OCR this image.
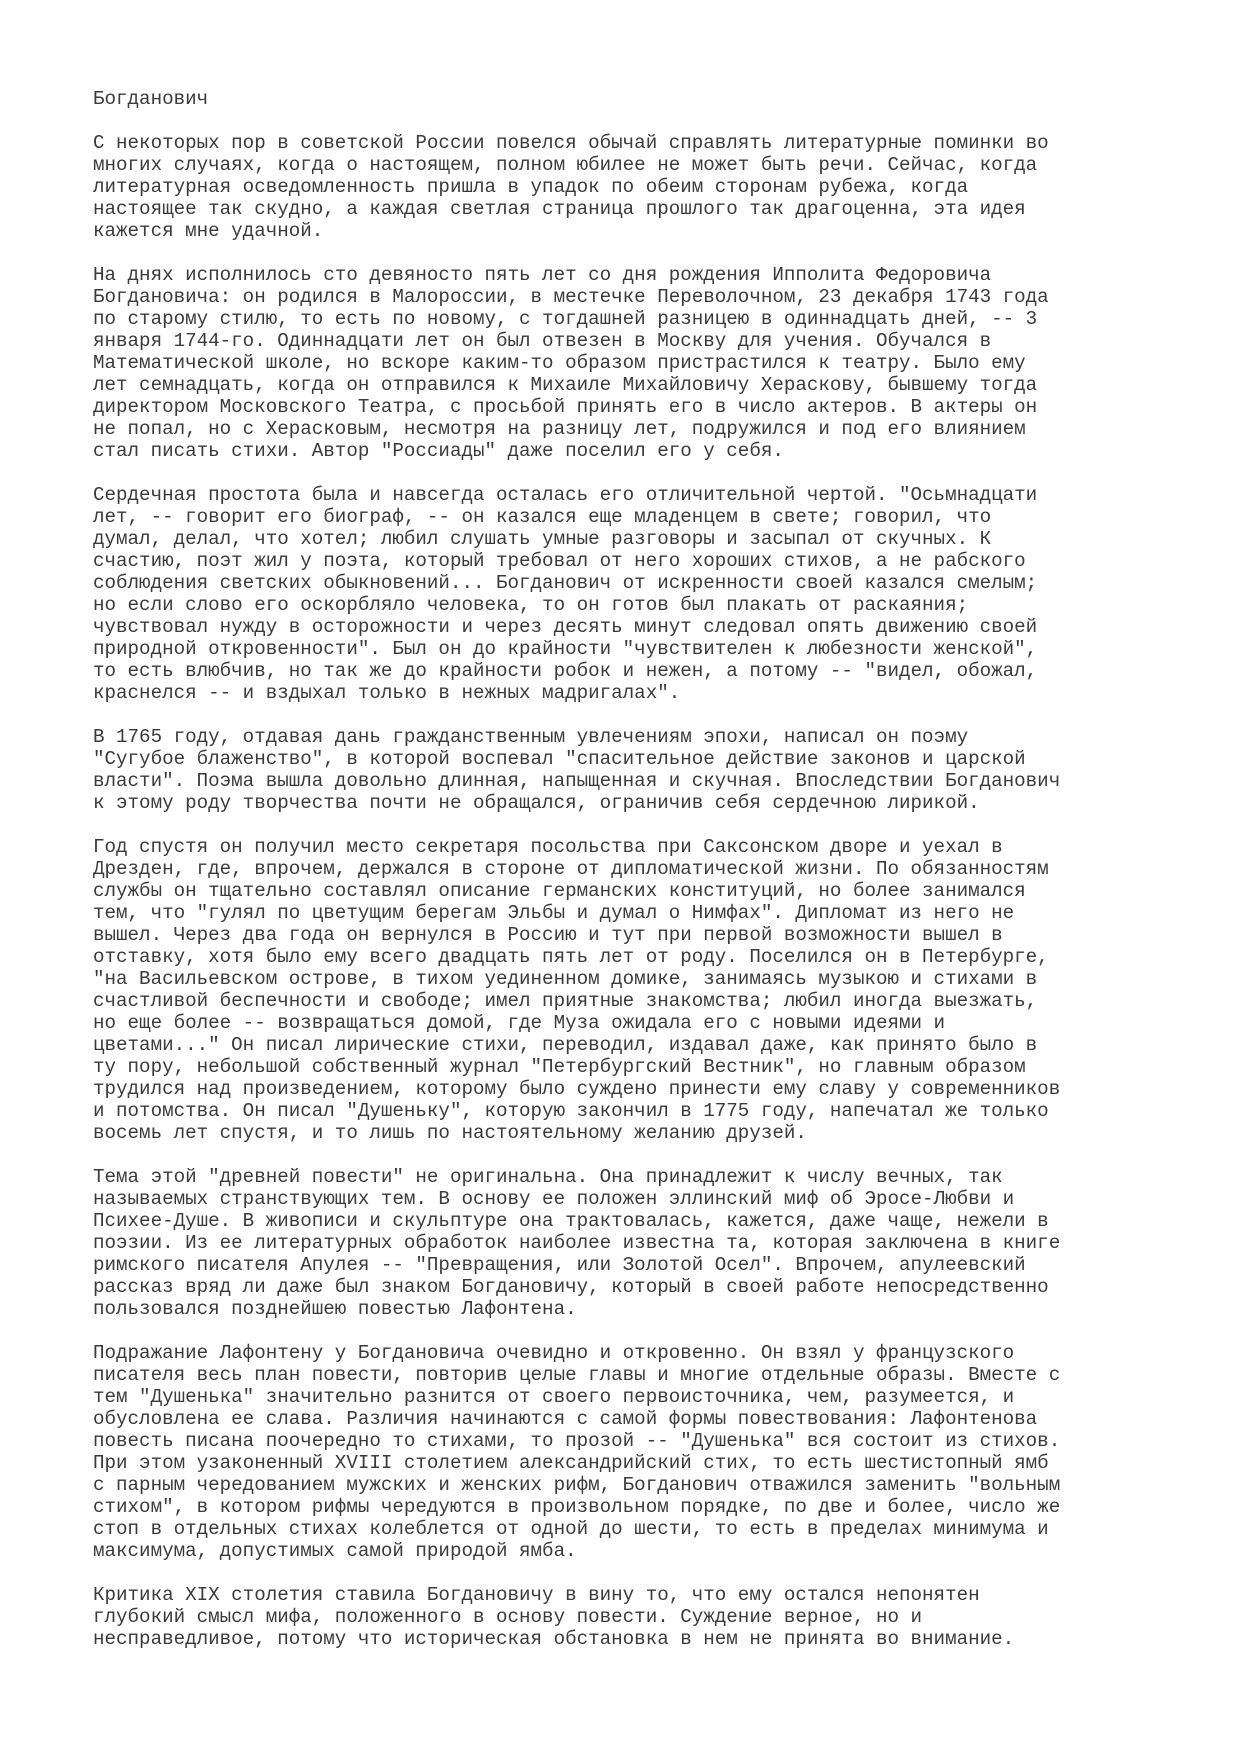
Богданович
С некоторых пор в советской России повелся обычай справлять литературные поминки во
многих случаях, когда о настоящем, полном юбилее не может быть речи. Сейчас, когда
литературная осведомленность пришла в упадок по обеим сторонам рубежа, когда
настоящее так скудно, а каждая светлая страница прошлого так драгоценна, эта идея
кажется мне удачной.
На днях исполнилось сто девяносто пять лет со дня рождения Ипполита Федоровича
Богдановича: он родился в Малороссии, в местечке Переволочном, 23 декабря 1743 года
по старому стилю, то есть по новому, с тогдашней разницею в одиннадцать дней, -- 3
января 1744-го. Одиннадцати лет он был отвезен в Москву для учения. Обучался в
Математической школе, но вскоре каким-то образом пристрастился к театру. Было ему
лет семнадцать, когда он отправился к Михаиле Михайловичу Хераскову, бывшему тогда
директором Московского Театра, с просьбой принять его в число актеров. В актеры он
не попал, но с Херасковым, несмотря на разницу лет, подружился и под его влиянием
стал писать стихи. Автор "Россиады" даже поселил его у себя.
Сердечная простота была и навсегда осталась его отличительной чертой. "Осьмнадцати
лет, -- говорит его биограф, -- он казался еще младенцем в свете; говорил, что
думал, делал, что хотел; любил слушать умные разговоры и засыпал от скучных. К
счастию, поэт жил у поэта, который требовал от него хороших стихов, а не рабского
соблюдения светских обыкновений... Богданович от искренности своей казался смелым;
но если слово его оскорбляло человека, то он готов был плакать от раскаяния;
чувствовал нужду в осторожности и через десять минут следовал опять движению своей
природной откровенности". Был он до крайности "чувствителен к любезности женской",
то есть влюбчив, но так же до крайности робок и нежен, а потому -- "видел, обожал,
краснелся -- и вздыхал только в нежных мадригалах".
В 1765 году, отдавая дань гражданственным увлечениям эпохи, написал он поэму
"Сугубое блаженство", в которой воспевал "спасительное действие законов и царской
власти". Поэма вышла довольно длинная, напыщенная и скучная. Впоследствии Богданович
к этому роду творчества почти не обращался, ограничив себя сердечною лирикой.
Год спустя он получил место секретаря посольства при Саксонском дворе и уехал в
Дрезден, где, впрочем, держался в стороне от дипломатической жизни. По обязанностям
службы он тщательно составлял описание германских конституций, но более занимался
тем, что "гулял по цветущим берегам Эльбы и думал о Нимфах". Дипломат из него не
вышел. Через два года он вернулся в Россию и тут при первой возможности вышел в
отставку, хотя было ему всего двадцать пять лет от роду. Поселился он в Петербурге,
"на Васильевском острове, в тихом уединенном домике, занимаясь музыкою и стихами в
счастливой беспечности и свободе; имел приятные знакомства; любил иногда выезжать,
но еще более -- возвращаться домой, где Муза ожидала его с новыми идеями и
цветами..." Он писал лирические стихи, переводил, издавал даже, как принято было в
ту пору, небольшой собственный журнал "Петербургский Вестник", но главным образом
трудился над произведением, которому было суждено принести ему славу у современников
и потомства. Он писал "Душеньку", которую закончил в 1775 году, напечатал же только
восемь лет спустя, и то лишь по настоятельному желанию друзей.
Тема этой "древней повести" не оригинальна. Она принадлежит к числу вечных, так
называемых странствующих тем. В основу ее положен эллинский миф об Эросе-Любви и
Психее-Душе. В живописи и скульптуре она трактовалась, кажется, даже чаще, нежели в
поэзии. Из ее литературных обработок наиболее известна та, которая заключена в книге
римского писателя Апулея -- "Превращения, или Золотой Осел". Впрочем, апулеевский
рассказ вряд ли даже был знаком Богдановичу, который в своей работе непосредственно
пользовался позднейшею повестью Лафонтена.
Подражание Лафонтену у Богдановича очевидно и откровенно. Он взял у французского
писателя весь план повести, повторив целые главы и многие отдельные образы. Вместе с
тем "Душенька" значительно разнится от своего первоисточника, чем, разумеется, и
обусловлена ее слава. Различия начинаются с самой формы повествования: Лафонтенова
повесть писана поочередно то стихами, то прозой -- "Душенька" вся состоит из стихов.
При этом узаконенный XVIII столетием александрийский стих, то есть шестистопный ямб
с парным чередованием мужских и женских рифм, Богданович отважился заменить "вольным
стихом", в котором рифмы чередуются в произвольном порядке, по две и более, число же
стоп в отдельных стихах колеблется от одной до шести, то есть в пределах минимума и
максимума, допустимых самой природой ямба.
Критика XIX столетия ставила Богдановичу в вину то, что ему остался непонятен
глубокий смысл мифа, положенного в основу повести. Суждение верное, но и
несправедливое, потому что историческая обстановка в нем не принята во внимание.
